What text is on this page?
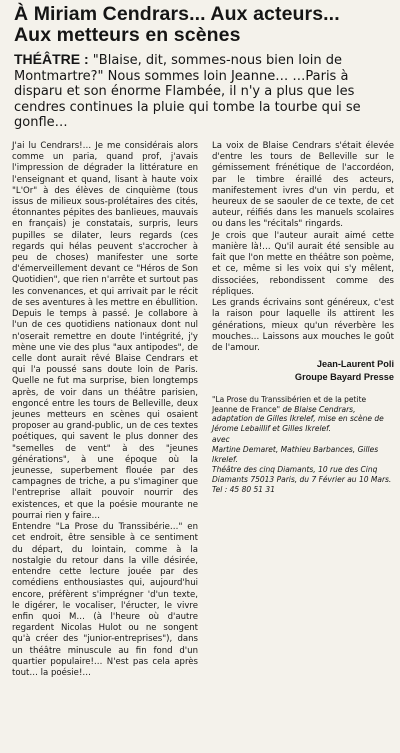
À Miriam Cendrars... Aux acteurs...
Aux metteurs en scènes
THÉÂTRE : "Blaise, dit, sommes-nous bien loin de Montmartre?" Nous sommes loin Jeanne… …Paris à disparu et son énorme Flambée, il n'y a plus que les cendres continues la pluie qui tombe la tourbe qui se gonfle…

J'ai lu Cendrars!… Je me considérais alors comme un paria, quand prof, j'avais l'impression de dégrader la littérature en l'enseignant et quand, lisant à haute voix "L'Or" à des élèves de cinquième (tous issus de milieux sous-prolétaires des cités, étonnantes pépites des banlieues, mauvais en français) je constatais, surpris, leurs pupilles se dilater, leurs regards (ces regards qui hélas peuvent s'accrocher à peu de choses) manifester une sorte d'émerveillement devant ce "Héros de Son Quotidien", que rien n'arrête et surtout pas les convenances, et qui arrivait par le récit de ses aventures à les mettre en ébullition.

Depuis le temps à passé. Je collabore à l'un de ces quotidiens nationaux dont nul n'oserait remettre en doute l'intégrité, j'y mène une vie des plus "aux antipodes", de celle dont aurait rêvé Blaise Cendrars et qui l'a poussé sans doute loin de Paris. Quelle ne fut ma surprise, bien longtemps après, de voir dans un théâtre parisien, engoncé entre les tours de Belleville, deux jeunes metteurs en scènes qui osaient proposer au grand-public, un de ces textes poétiques, qui savent le plus donner des "semelles de vent" à des "jeunes générations", à une époque où la jeunesse, superbement flouée par des campagnes de triche, a pu s'imaginer que l'entreprise allait pouvoir nourrir des existences, et que la poésie mourante ne pourrai rien y faire…

Entendre "La Prose du Transsibérie…" en cet endroit, être sensible à ce sentiment du départ, du lointain, comme à la nostalgie du retour dans la ville désirée, entendre cette lecture jouée par des comédiens enthousiastes qui, aujourd'hui encore, préfèrent s'imprégner 'd'un texte, le digérer, le vocaliser, l'éructer, le vivre enfin quoi M… (à l'heure où d'autre regardent Nicolas Hulot ou ne songent qu'à créer des "junior-entreprises"), dans un théâtre minuscule au fin fond d'un quartier populaire!… N'est pas cela après tout… la poésie!…

La voix de Blaise Cendrars s'était élevée d'entre les tours de Belleville sur le gémissement frénétique de l'accordéon, par le timbre éraillé des acteurs, manifestement ivres d'un vin perdu, et heureux de se saouler de ce texte, de cet auteur, réifiés dans les manuels scolaires ou dans les "récitals" ringards.

Je crois que l'auteur aurait aimé cette manière là!… Qu'il aurait été sensible au fait que l'on mette en théâtre son poème, et ce, même si les voix qui s'y mêlent, dissociées, rebondissent comme des répliques.

Les grands écrivains sont généreux, c'est la raison pour laquelle ils attirent les générations, mieux qu'un réverbère les mouches… Laissons aux mouches le goût de l'amour.

Jean-Laurent Poli
Groupe Bayard Presse

"La Prose du Transsibérien et de la petite Jeanne de France" de Blaise Cendrars, adaptation de Gilles Ikrelef, mise en scène de Jérome Lebaillif et Gilles Ikrelef.

avec

Martine Demaret, Mathieu Barbances, Gilles Ikrelef.

Théâtre des cinq Diamants, 10 rue des Cinq Diamants 75013 Paris, du 7 Février au 10 Mars. Tel : 45 80 51 31
